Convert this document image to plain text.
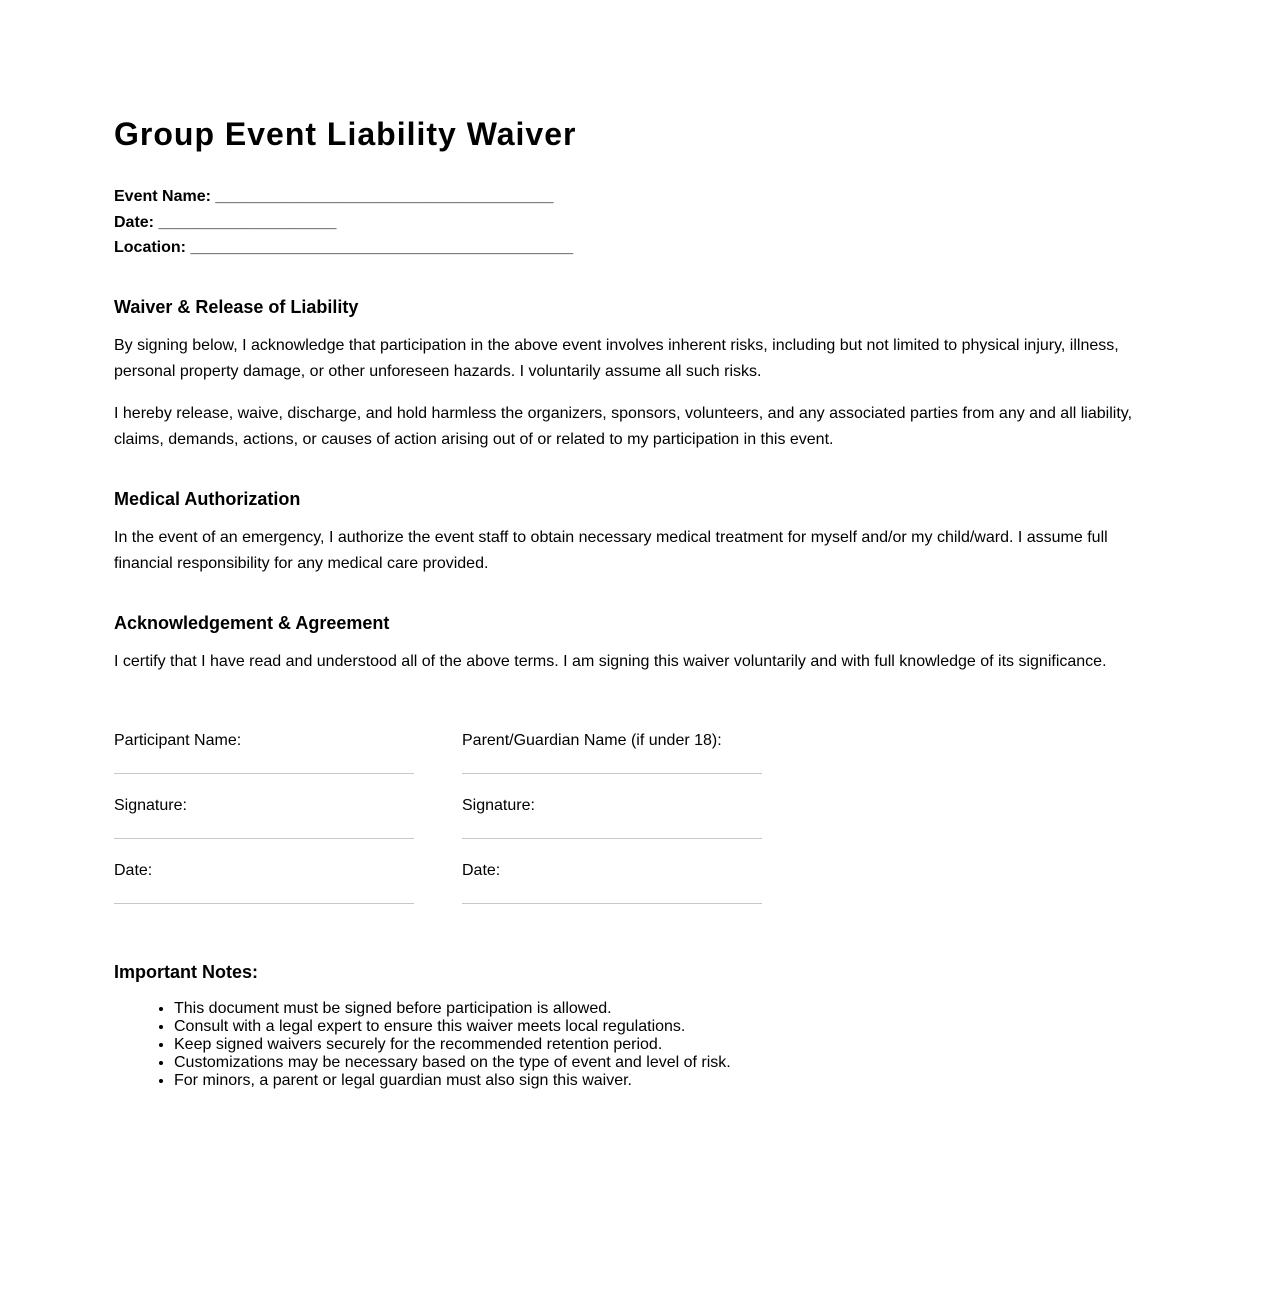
Group Event Liability Waiver
Event Name: ______________________________________
Date: ____________________
Location: ___________________________________________
Waiver & Release of Liability

By signing below, I acknowledge that participation in the above event involves inherent risks, including but not limited to physical injury, illness, personal property damage, or other unforeseen hazards. I voluntarily assume all such risks.

I hereby release, waive, discharge, and hold harmless the organizers, sponsors, volunteers, and any associated parties from any and all liability, claims, demands, actions, or causes of action arising out of or related to my participation in this event.

Medical Authorization

In the event of an emergency, I authorize the event staff to obtain necessary medical treatment for myself and/or my child/ward. I assume full financial responsibility for any medical care provided.

Acknowledgement & Agreement

I certify that I have read and understood all of the above terms. I am signing this waiver voluntarily and with full knowledge of its significance.

Participant Name:	Parent/Guardian Name (if under 18):
Signature:	Signature:
Date:	Date:
Important Notes:
• This document must be signed before participation is allowed.
• Consult with a legal expert to ensure this waiver meets local regulations.
• Keep signed waivers securely for the recommended retention period.
• Customizations may be necessary based on the type of event and level of risk.
• For minors, a parent or legal guardian must also sign this waiver.
